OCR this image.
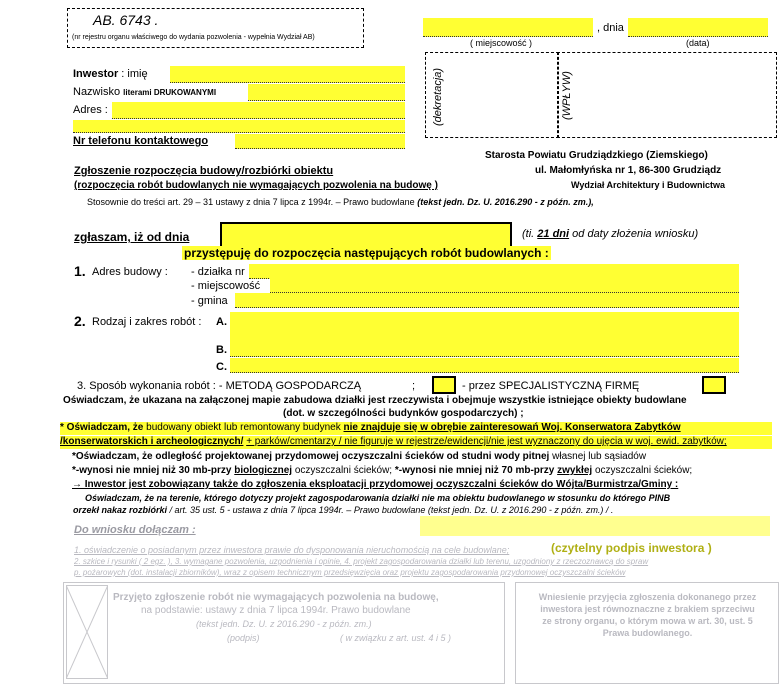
AB. 6743 .
(nr rejestru organu właściwego do wydania pozwolenia - wypełnia Wydział AB)
, dnia
( miejscowość )	(data)
(dekretacja)	(WPŁYW)
Inwestor : imię
Nazwisko literami DRUKOWANYMI
Adres :
Nr telefonu kontaktowego
Zgłoszenie rozpoczęcia budowy/rozbiórki obiektu
(rozpoczęcia robót budowlanych nie wymagających pozwolenia na budowę )
Starosta Powiatu Grudziądzkiego (Ziemskiego)
ul. Małomłyńska nr 1, 86-300 Grudziądz
Wydział Architektury i Budownictwa
Stosownie do treści art. 29 – 31 ustawy z dnia 7 lipca z 1994r. – Prawo budowlane (tekst jedn. Dz. U. 2016.290 - z późn. zm.),
zgłaszam, iż od dnia	(ti. 21 dni od daty złożenia wniosku)
przystępuję do rozpoczęcia następujących robót budowlanych :
1. Adres budowy : - działka nr
- miejscowość
- gmina
2. Rodzaj i zakres robót : A.
B.
C.
3. Sposób wykonania robót : - METODĄ GOSPODARCZĄ	;	- przez SPECJALISTYCZNĄ FIRMĘ
Oświadczam, że ukazana na załączonej mapie zabudowa działki jest rzeczywista i obejmuje wszystkie istniejące obiekty budowlane
(dot. w szczególności budynków gospodarczych) ;
* Oświadczam, że budowany obiekt lub remontowany budynek nie znajduje się w obrębie zainteresowań Woj. Konserwatora Zabytków
/konserwatorskich i archeologicznych/ + parków/cmentarzy / nie figuruje w rejestrze/ewidencji/nie jest wyznaczony do ujęcia w woj. ewid. zabytków;
*Oświadczam, że odległość projektowanej przydomowej oczyszczalni ścieków od studni wody pitnej własnej lub sąsiadów
*-wynosi nie mniej niż 30 mb-przy biologicznej oczyszczalni ścieków; *-wynosi nie mniej niż 70 mb-przy zwykłej oczyszczalni ścieków;
→ Inwestor jest zobowiązany także do zgłoszenia eksploatacji przydomowej oczyszczalni ścieków do Wójta/Burmistrza/Gminy :
Oświadczam, że na terenie, którego dotyczy projekt zagospodarowania działki nie ma obiektu budowlanego w stosunku do którego PINB
orzekł nakaz rozbiórki / art. 35 ust. 5 - ustawa z dnia 7 lipca 1994r. – Prawo budowlane (tekst jedn. Dz. U. z 2016.290 - z późn. zm.) / .
Do wniosku dołączam :
1. oświadczenie o posiadanym przez inwestora prawie do dysponowania nieruchomością na cele budowlane;	(czytelny podpis inwestora )
2. szkice i rysunki ( 2 egz. ), 3. wymagane pozwolenia, uzgodnienia i opinie, 4. projekt zagospodarowania działki lub terenu, uzgodniony z rzeczoznawcą do spraw
p. pożarowych (dot. instalacji zbiorników), wraz z opisem technicznym przedsięwzięcia oraz projektu zagospodarowania przydomowej oczyszczalni ścieków
Przyjęto zgłoszenie robót nie wymagających pozwolenia na budowę,
na podstawie: ustawy z dnia 7 lipca 1994r. Prawo budowlane
(tekst jedn. Dz. U. z 2016.290 - z późn. zm.)
(podpis)	( w związku z art. ust. 4 i 5 )
Wniesienie przyjęcia zgłoszenia dokonanego przez
inwestora jest równoznaczne z brakiem sprzeciwu
ze strony organu, o którym mowa w art. 30, ust. 5
Prawa budowlanego.
